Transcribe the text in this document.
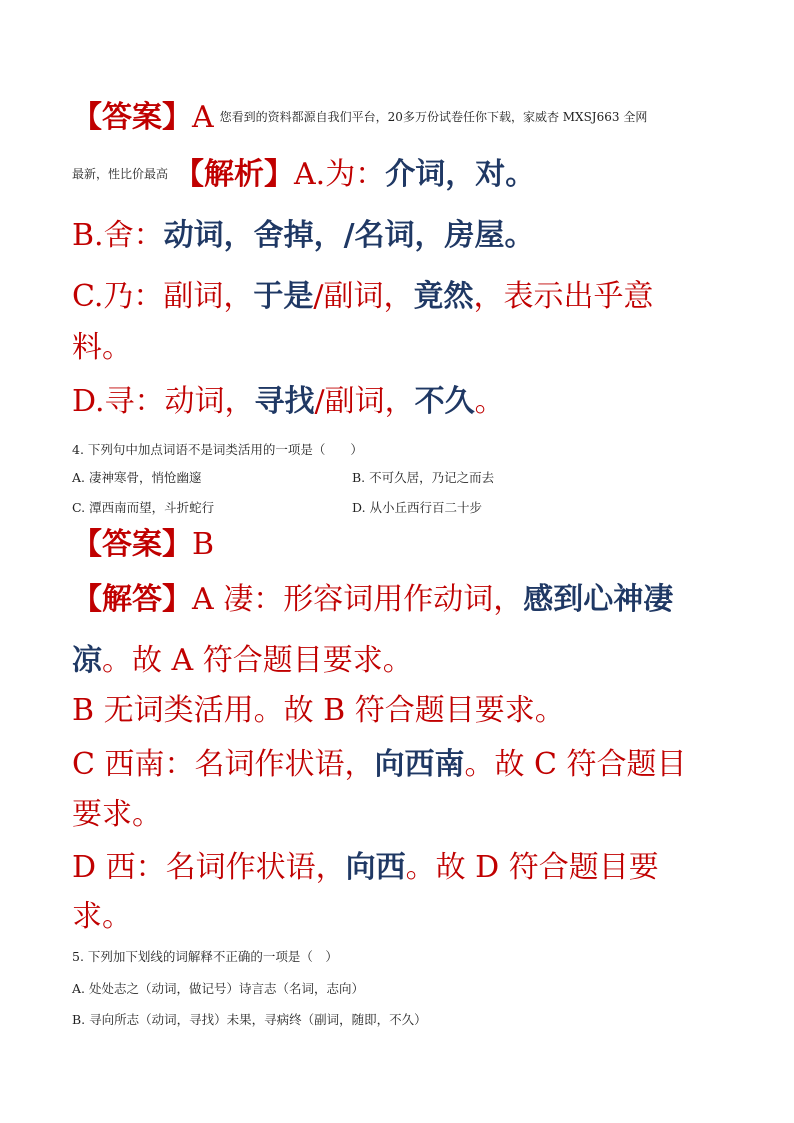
【答案】A $^{您看到的资料都源自我们平台,20多万份试卷任你下载,家威杏 MXSJ663 全网}$
$^{最新,性比价最高}$ 【解析】A.为：介词，对。
B.舍：动词，舍掉，/名词，房屋。
C.乃：副词，于是/副词，竟然，表示出乎意
料。
D.寻：动词，寻找/副词，不久。
4. 下列句中加点词语不是词类活用的一项是（　　）
A. 凄神寒骨，悄怆幽邃	B. 不可久居，乃记之而去
C. 潭西南而望，斗折蛇行	D. 从小丘西行百二十步
【答案】B
【解答】A 凄：形容词用作动词，感到心神凄
凉。故 A 符合题目要求。
B 无词类活用。故 B 符合题目要求。
C 西南：名词作状语，向西南。故 C 符合题目
要求。
D 西：名词作状语，向西。故 D 符合题目要
求。
5. 下列加下划线的词解释不正确的一项是（　）
A. 处处志之（动词，做记号）诗言志（名词，志向）
B. 寻向所志（动词，寻找）未果，寻病终（副词，随即，不久）
